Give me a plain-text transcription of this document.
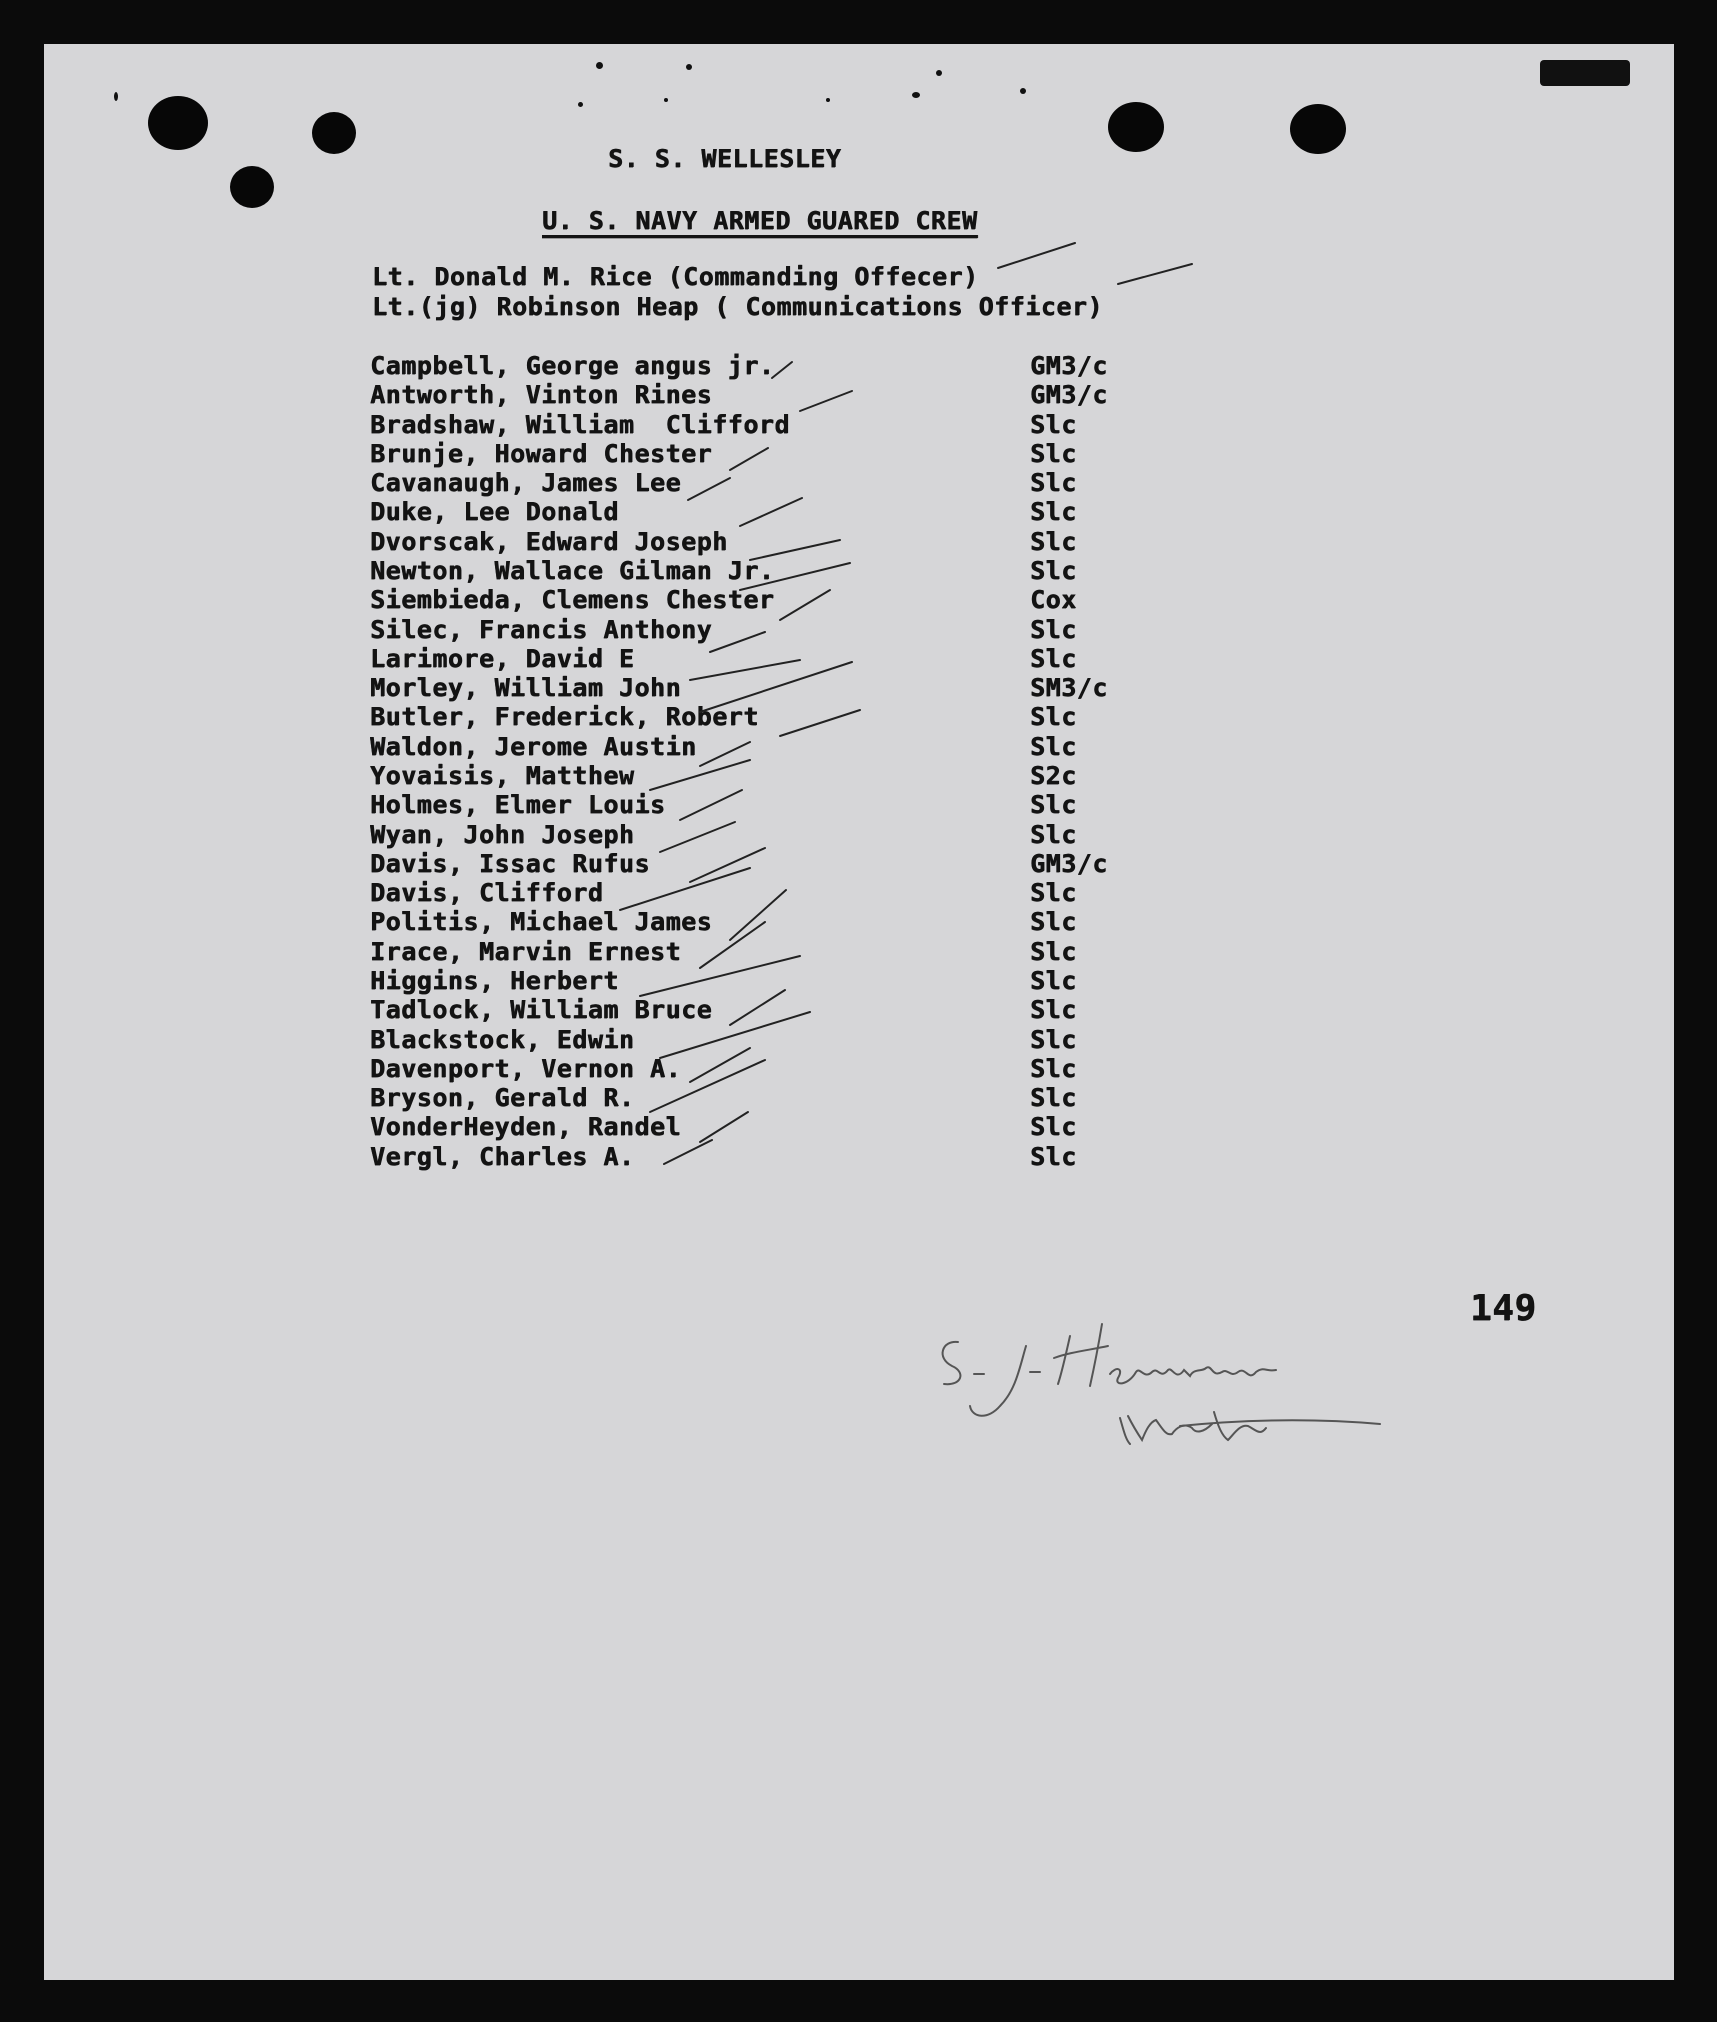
S. S. WELLESLEY
U. S. NAVY ARMED GUARED CREW
Lt. Donald M. Rice (Commanding Offecer)
Lt.(jg) Robinson Heap ( Communications Officer)
Campbell, George angus jr.	GM3/c
Antworth, Vinton Rines	GM3/c
Bradshaw, William  Clifford	Slc
Brunje, Howard Chester	Slc
Cavanaugh, James Lee	Slc
Duke, Lee Donald	Slc
Dvorscak, Edward Joseph	Slc
Newton, Wallace Gilman Jr.	Slc
Siembieda, Clemens Chester	Cox
Silec, Francis Anthony	Slc
Larimore, David E	Slc
Morley, William John	SM3/c
Butler, Frederick, Robert	Slc
Waldon, Jerome Austin	Slc
Yovaisis, Matthew	S2c
Holmes, Elmer Louis	Slc
Wyan, John Joseph	Slc
Davis, Issac Rufus	GM3/c
Davis, Clifford	Slc
Politis, Michael James	Slc
Irace, Marvin Ernest	Slc
Higgins, Herbert	Slc
Tadlock, William Bruce	Slc
Blackstock, Edwin	Slc
Davenport, Vernon A.	Slc
Bryson, Gerald R.	Slc
VonderHeyden, Randel	Slc
Vergl, Charles A.	Slc
149
